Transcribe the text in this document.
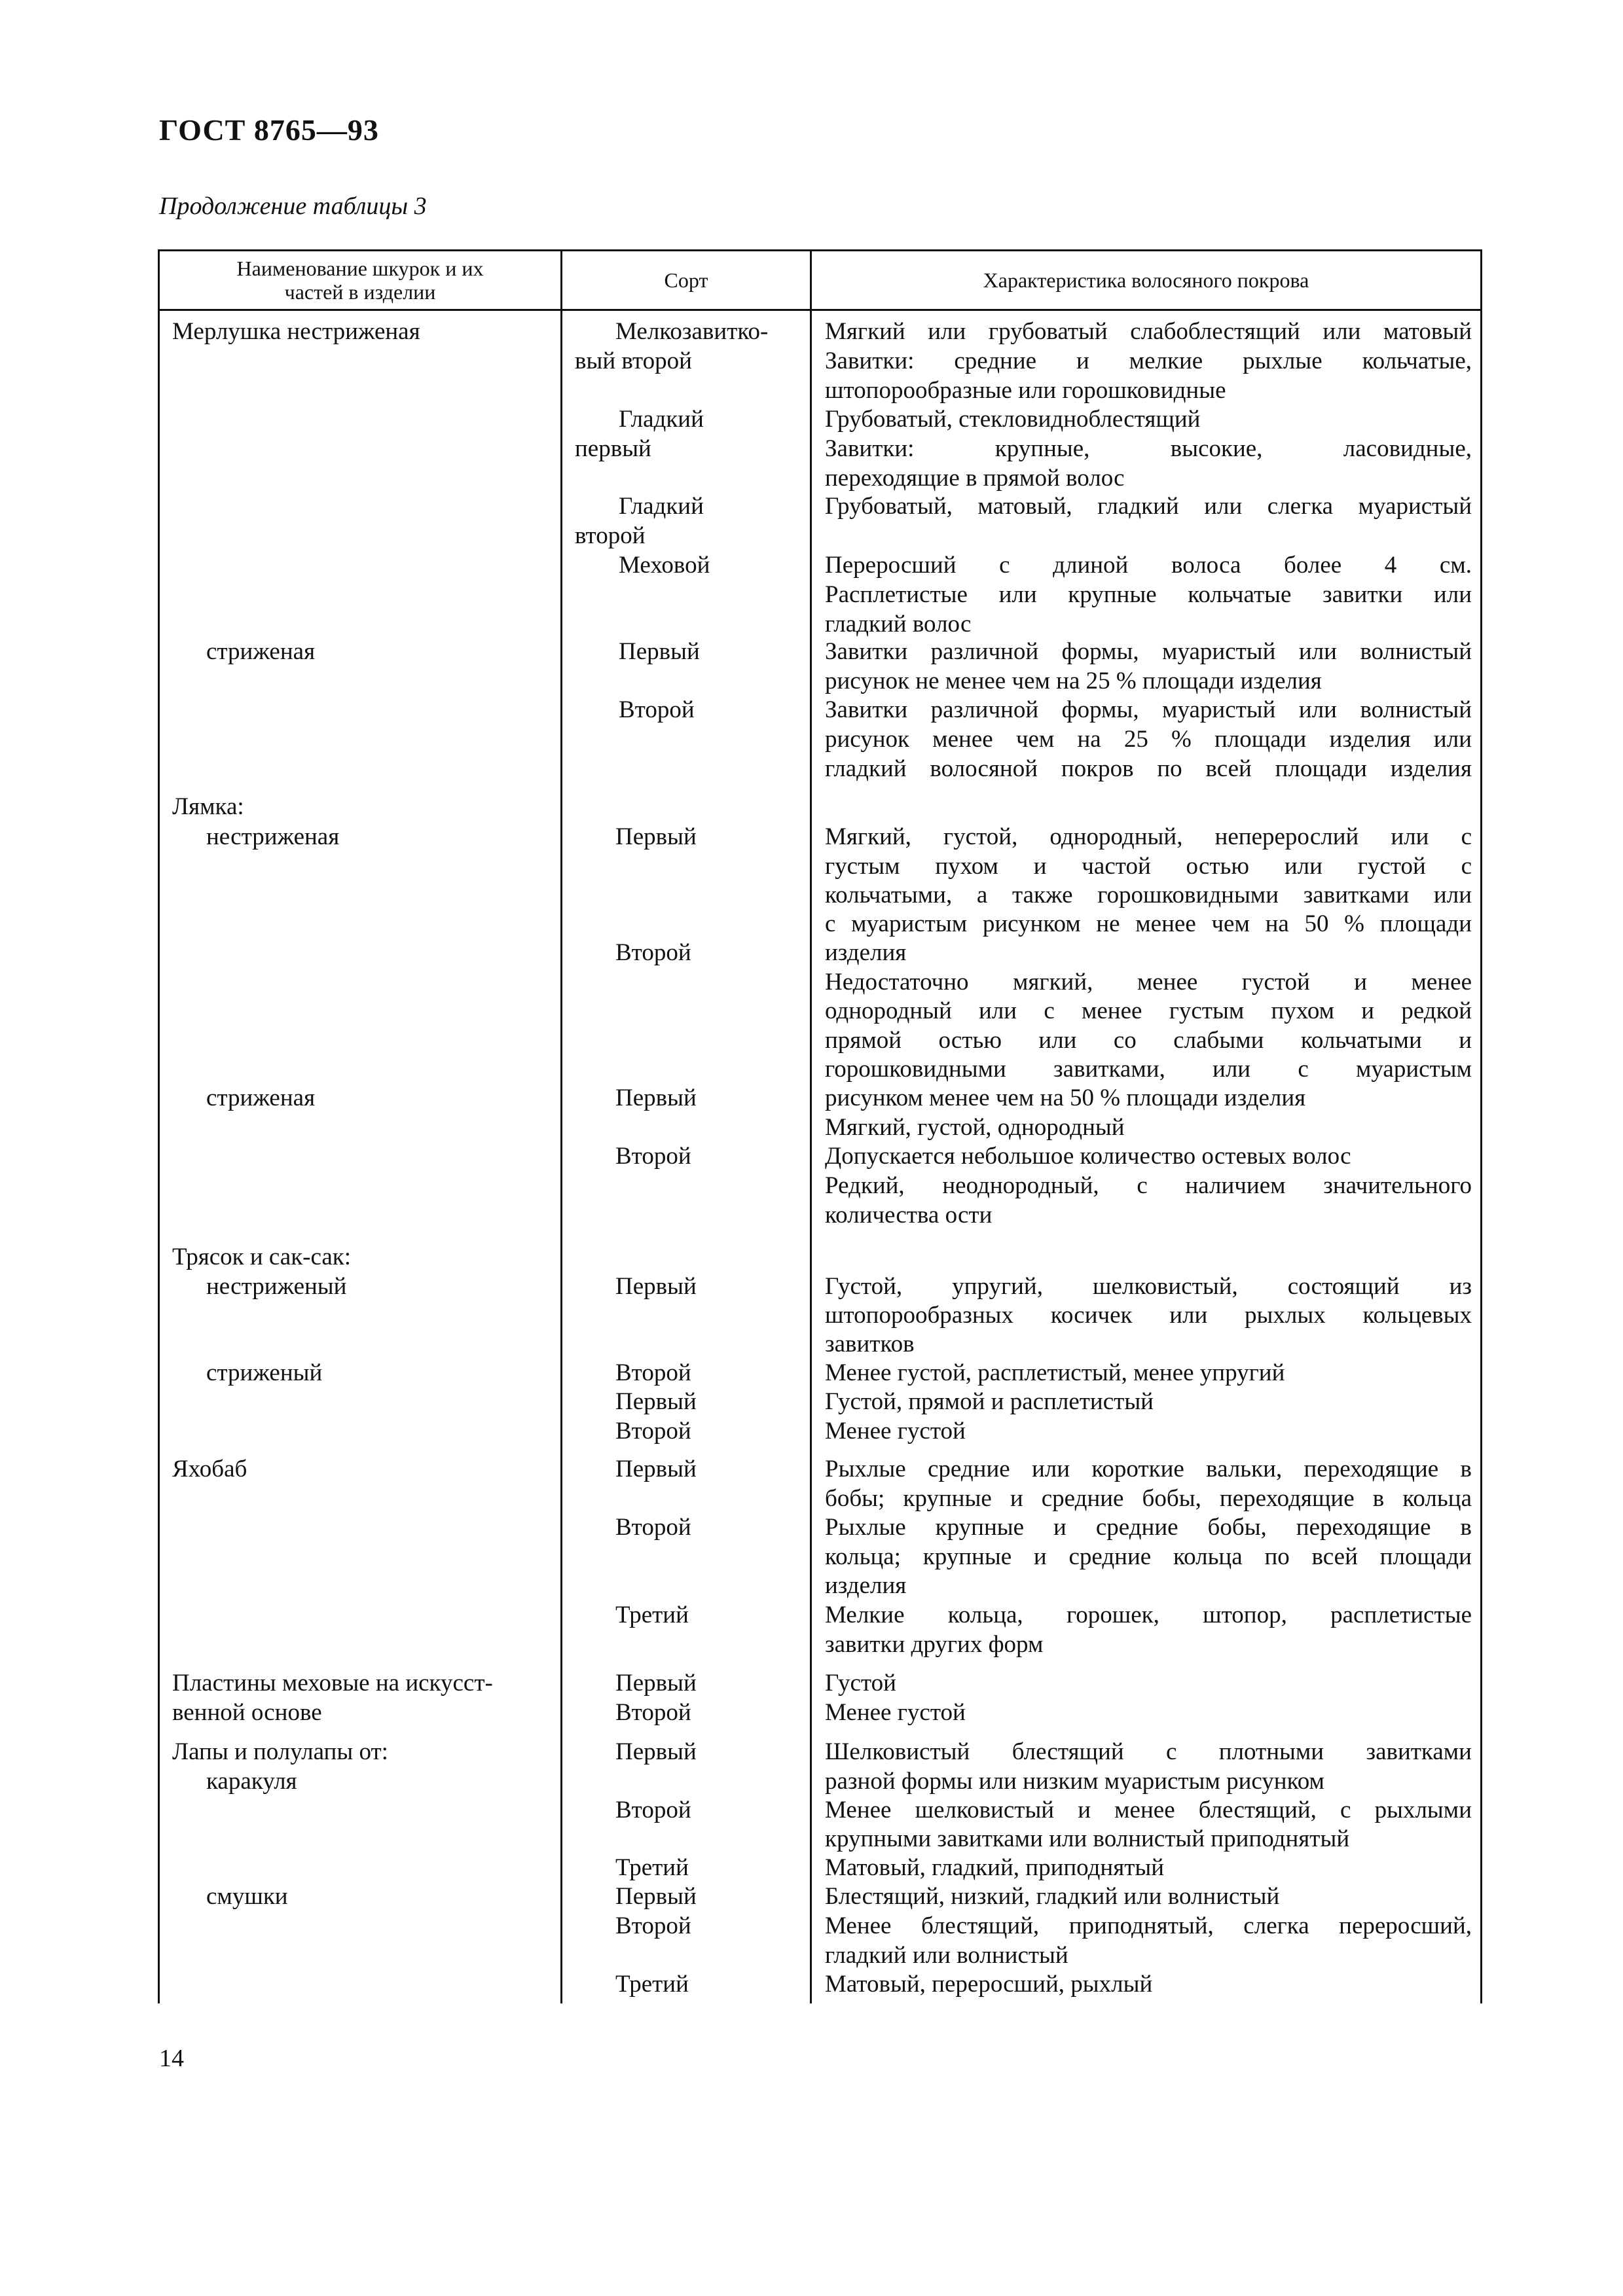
ГОСТ 8765—93
Продолжение таблицы 3
Наименование шкурок и их
частей в изделии	Сорт	Характеристика волосяного покрова
Мерлушка нестриженая
стриженая
Лямка:
нестриженая
стриженая
Трясок и сак-сак:
нестриженый
стриженый
Яхобаб
Пластины меховые на искусст-
венной основе
Лапы и полулапы от:
каракуля
смушки
Мелкозавитко-
вый второй
Гладкий
первый
Гладкий
второй
Меховой
Первый
Второй
Первый
Второй
Первый
Второй
Первый
Второй
Первый
Второй
Первый
Второй
Третий
Первый
Второй
Первый
Второй
Третий
Первый
Второй
Третий
Мягкий или грубоватый слабоблестящий или матовый
Завитки: средние и мелкие рыхлые кольчатые,
штопорообразные или горошковидные
Грубоватый, стекловидноблестящий
Завитки: крупные, высокие, ласовидные,
переходящие в прямой волос
Грубоватый, матовый, гладкий или слегка муаристый
Переросший с длиной волоса более 4 см.
Расплетистые или крупные кольчатые завитки или
гладкий волос
Завитки различной формы, муаристый или волнистый
рисунок не менее чем на 25 % площади изделия
Завитки различной формы, муаристый или волнистый
рисунок менее чем на 25 % площади изделия или
гладкий волосяной покров по всей площади изделия
Мягкий, густой, однородный, неперерослий или с
густым пухом и частой остью или густой с
кольчатыми, а также горошковидными завитками или
с муаристым рисунком не менее чем на 50 % площади
изделия
Недостаточно мягкий, менее густой и менее
однородный или с менее густым пухом и редкой
прямой остью или со слабыми кольчатыми и
горошковидными завитками, или с муаристым
рисунком менее чем на 50 % площади изделия
Мягкий, густой, однородный
Допускается небольшое количество остевых волос
Редкий, неоднородный, с наличием значительного
количества ости
Густой, упругий, шелковистый, состоящий из
штопорообразных косичек или рыхлых кольцевых
завитков
Менее густой, расплетистый, менее упругий
Густой, прямой и расплетистый
Менее густой
Рыхлые средние или короткие вальки, переходящие в
бобы; крупные и средние бобы, переходящие в кольца
Рыхлые крупные и средние бобы, переходящие в
кольца; крупные и средние кольца по всей площади
изделия
Мелкие кольца, горошек, штопор, расплетистые
завитки других форм
Густой
Менее густой
Шелковистый блестящий с плотными завитками
разной формы или низким муаристым рисунком
Менее шелковистый и менее блестящий, с рыхлыми
крупными завитками или волнистый приподнятый
Матовый, гладкий, приподнятый
Блестящий, низкий, гладкий или волнистый
Менее блестящий, приподнятый, слегка переросший,
гладкий или волнистый
Матовый, переросший, рыхлый
14
